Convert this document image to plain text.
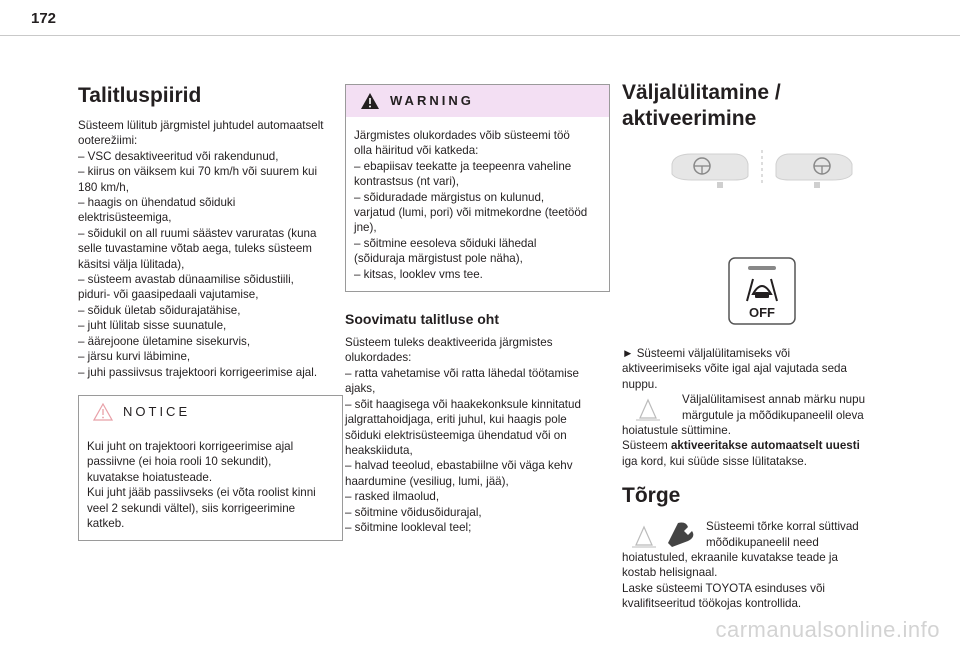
172
Talitluspiirid
Süsteem lülitub järgmistel juhtudel automaatselt
ooterežiimi:
– VSC desaktiveeritud või rakendunud,
– kiirus on väiksem kui 70 km/h või suurem kui
180 km/h,
– haagis on ühendatud sõiduki
elektrisüsteemiga,
– sõidukil on all ruumi säästev varuratas (kuna
selle tuvastamine võtab aega, tuleks süsteem
käsitsi välja lülitada),
– süsteem avastab dünaamilise sõidustiili,
piduri- või gaasipedaali vajutamise,
– sõiduk ületab sõidurajatähise,
– juht lülitab sisse suunatule,
– äärejoone ületamine sisekurvis,
– järsu kurvi läbimine,
– juhi passiivsus trajektoori korrigeerimise ajal.
NOTICE
Kui juht on trajektoori korrigeerimise ajal
passiivne (ei hoia rooli 10 sekundit),
kuvatakse hoiatusteade.
Kui juht jääb passiivseks (ei võta roolist kinni
veel 2 sekundi vältel), siis korrigeerimine
katkeb.
WARNING
Järgmistes olukordades võib süsteemi töö
olla häiritud või katkeda:
– ebapiisav teekatte ja teepeenra vaheline
kontrastsus (nt vari),
– sõiduradade märgistus on kulunud,
varjatud (lumi, pori) või mitmekordne (teetööd
jne),
– sõitmine eesoleva sõiduki lähedal
(sõiduraja märgistust pole näha),
– kitsas, looklev vms tee.
Soovimatu talitluse oht
Süsteem tuleks deaktiveerida järgmistes
olukordades:
– ratta vahetamise või ratta lähedal töötamise
ajaks,
– sõit haagisega või haakekonksule kinnitatud
jalgrattahoidjaga, eriti juhul, kui haagis pole
sõiduki elektrisüsteemiga ühendatud või on
heakskiiduta,
– halvad teeolud, ebastabiilne või väga kehv
haardumine (vesiliug, lumi, jää),
– rasked ilmaolud,
– sõitmine võidusõidurajal,
– sõitmine lookleval teel;
Väljalülitamine /
aktiveerimine
OFF
► Süsteemi väljalülitamiseks või
aktiveerimiseks võite igal ajal vajutada seda
nuppu.
Väljalülitamisest annab märku nupu
märgutule ja mõõdikupaneelil oleva
hoiatustule süttimine.
Süsteem aktiveeritakse automaatselt uuesti
iga kord, kui süüde sisse lülitatakse.
Tõrge
Süsteemi tõrke korral süttivad
mõõdikupaneelil need
hoiatustuled, ekraanile kuvatakse teade ja
kostab helisignaal.
Laske süsteemi TOYOTA esinduses või
kvalifitseeritud töökojas kontrollida.
carmanualsonline.info
